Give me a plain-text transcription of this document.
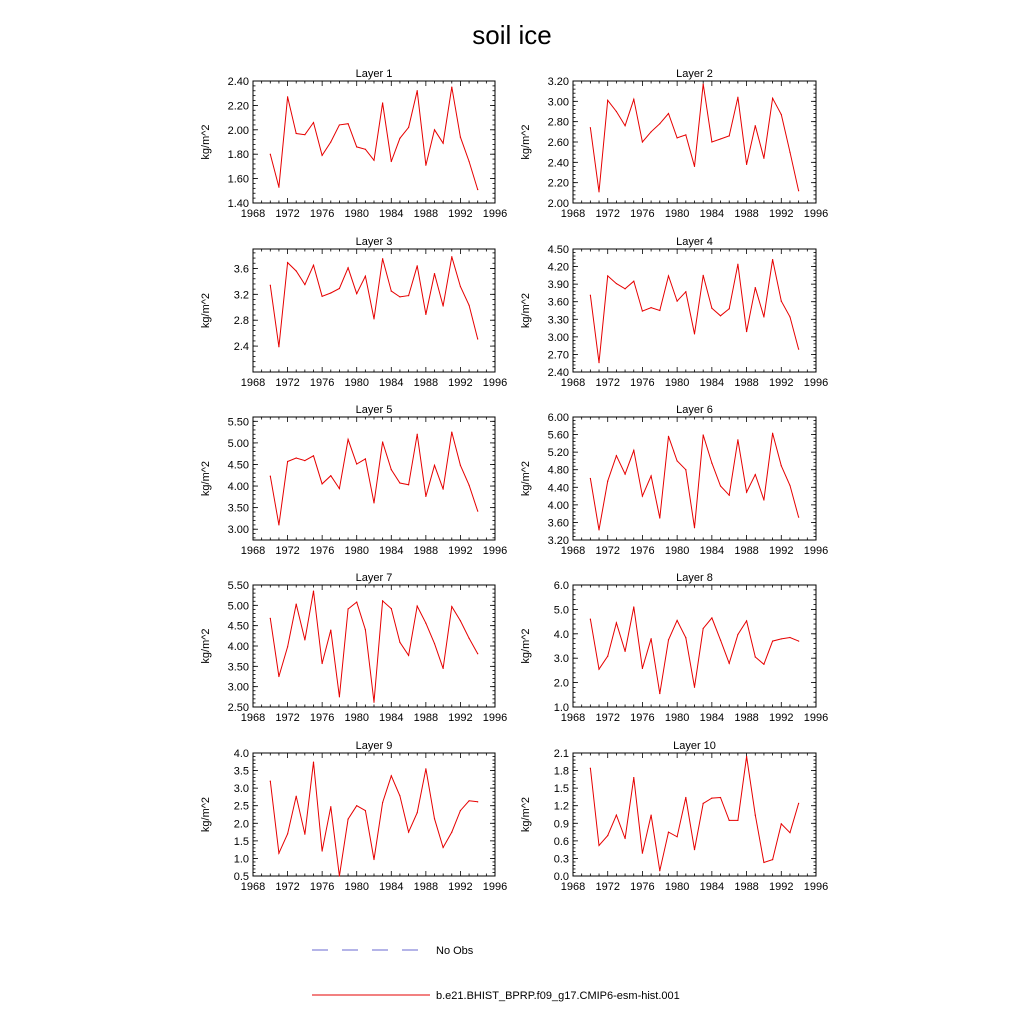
soil ice
Layer 1
kg/m^2
1968 1972 1976 1980 1984 1988 1992 1996
1.40
1.60
1.80
2.00
2.20
2.40
Layer 2
kg/m^2
1968 1972 1976 1980 1984 1988 1992 1996
2.00
2.20
2.40
2.60
2.80
3.00
3.20
Layer 3
kg/m^2
1968 1972 1976 1980 1984 1988 1992 1996
2.4
2.8
3.2
3.6
Layer 4
kg/m^2
1968 1972 1976 1980 1984 1988 1992 1996
2.40
2.70
3.00
3.30
3.60
3.90
4.20
4.50
Layer 5
kg/m^2
1968 1972 1976 1980 1984 1988 1992 1996
3.00
3.50
4.00
4.50
5.00
5.50
Layer 6
kg/m^2
1968 1972 1976 1980 1984 1988 1992 1996
3.20
3.60
4.00
4.40
4.80
5.20
5.60
6.00
Layer 7
kg/m^2
1968 1972 1976 1980 1984 1988 1992 1996
2.50
3.00
3.50
4.00
4.50
5.00
5.50
Layer 8
kg/m^2
1968 1972 1976 1980 1984 1988 1992 1996
1.0
2.0
3.0
4.0
5.0
6.0
Layer 9
kg/m^2
1968 1972 1976 1980 1984 1988 1992 1996
0.5
1.0
1.5
2.0
2.5
3.0
3.5
4.0
Layer 10
kg/m^2
1968 1972 1976 1980 1984 1988 1992 1996
0.0
0.3
0.6
0.9
1.2
1.5
1.8
2.1
No Obs
b.e21.BHIST_BPRP.f09_g17.CMIP6-esm-hist.001
